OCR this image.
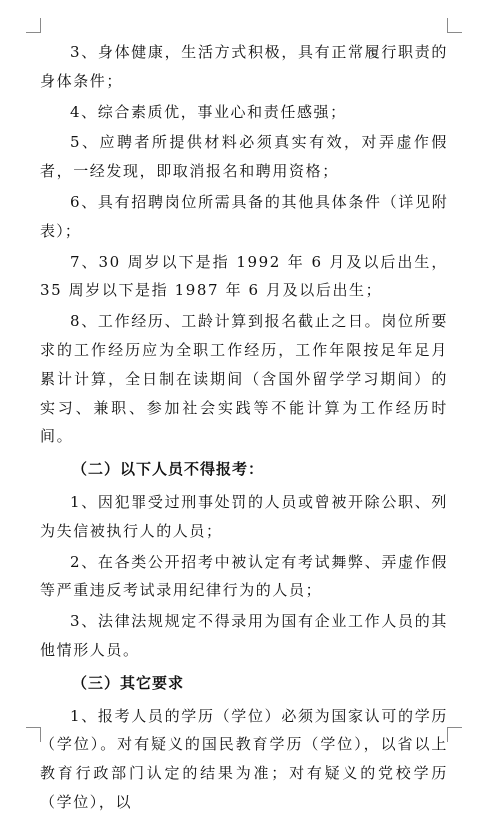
3、身体健康，生活方式积极，具有正常履行职责的身体条件；

4、综合素质优，事业心和责任感强；

5、应聘者所提供材料必须真实有效，对弄虚作假者，一经发现，即取消报名和聘用资格；

6、具有招聘岗位所需具备的其他具体条件（详见附表）；

7、30 周岁以下是指 1992 年 6 月及以后出生，35 周岁以下是指 1987 年 6 月及以后出生；

8、工作经历、工龄计算到报名截止之日。岗位所要求的工作经历应为全职工作经历，工作年限按足年足月累计计算，全日制在读期间（含国外留学学习期间）的实习、兼职、参加社会实践等不能计算为工作经历时间。

（二）以下人员不得报考：

1、因犯罪受过刑事处罚的人员或曾被开除公职、列为失信被执行人的人员；

2、在各类公开招考中被认定有考试舞弊、弄虚作假等严重违反考试录用纪律行为的人员；

3、法律法规规定不得录用为国有企业工作人员的其他情形人员。

（三）其它要求

1、报考人员的学历（学位）必须为国家认可的学历（学位）。对有疑义的国民教育学历（学位），以省以上教育行政部门认定的结果为准；对有疑义的党校学历（学位），以
